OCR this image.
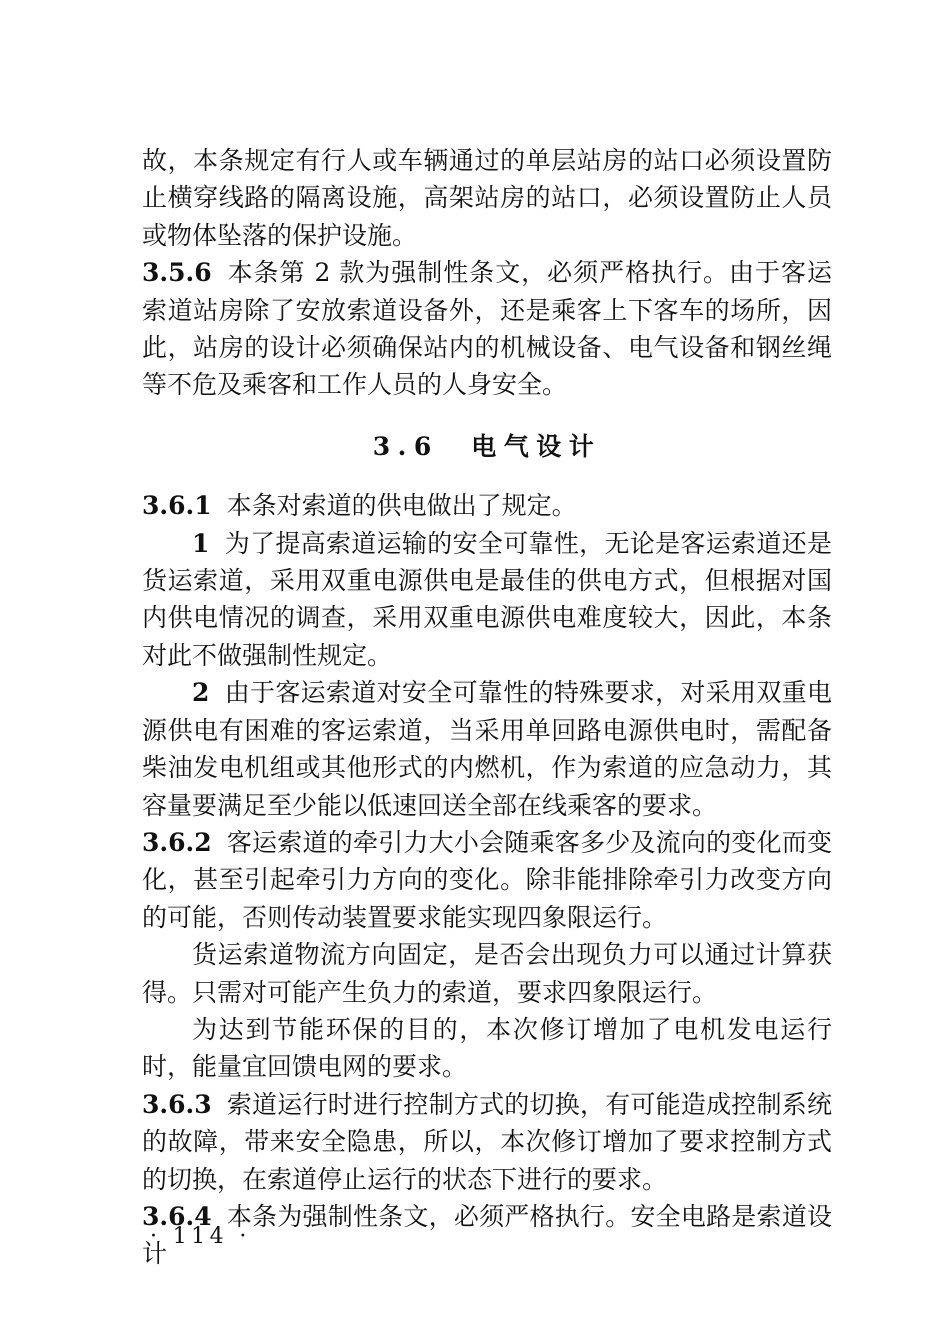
故，本条规定有行人或车辆通过的单层站房的站口必须设置防止横穿线路的隔离设施，高架站房的站口，必须设置防止人员或物体坠落的保护设施。

3.5.6 本条第 2 款为强制性条文，必须严格执行。由于客运索道站房除了安放索道设备外，还是乘客上下客车的场所，因此，站房的设计必须确保站内的机械设备、电气设备和钢丝绳等不危及乘客和工作人员的人身安全。

3.6　电气设计

3.6.1 本条对索道的供电做出了规定。

1 为了提高索道运输的安全可靠性，无论是客运索道还是货运索道，采用双重电源供电是最佳的供电方式，但根据对国内供电情况的调查，采用双重电源供电难度较大，因此，本条对此不做强制性规定。

2 由于客运索道对安全可靠性的特殊要求，对采用双重电源供电有困难的客运索道，当采用单回路电源供电时，需配备柴油发电机组或其他形式的内燃机，作为索道的应急动力，其容量要满足至少能以低速回送全部在线乘客的要求。

3.6.2 客运索道的牵引力大小会随乘客多少及流向的变化而变化，甚至引起牵引力方向的变化。除非能排除牵引力改变方向的可能，否则传动装置要求能实现四象限运行。

货运索道物流方向固定，是否会出现负力可以通过计算获得。只需对可能产生负力的索道，要求四象限运行。

为达到节能环保的目的，本次修订增加了电机发电运行时，能量宜回馈电网的要求。

3.6.3 索道运行时进行控制方式的切换，有可能造成控制系统的故障，带来安全隐患，所以，本次修订增加了要求控制方式的切换，在索道停止运行的状态下进行的要求。

3.6.4 本条为强制性条文，必须严格执行。安全电路是索道设计

· 114 ·
